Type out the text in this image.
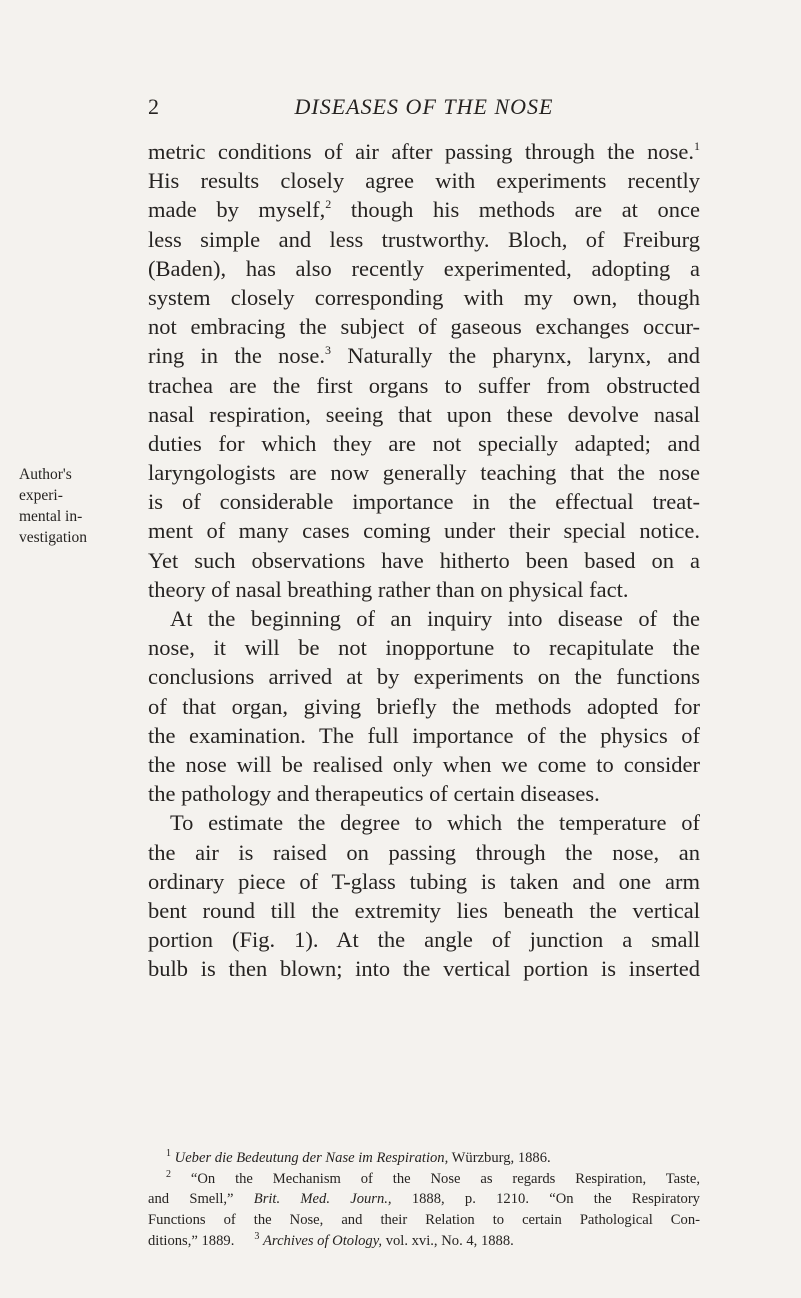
2	DISEASES OF THE NOSE
Author's
experi-
mental in-
vestigation
metric conditions of air after passing through the nose.$^1$
His results closely agree with experiments recently
made by myself,$^2$ though his methods are at once
less simple and less trustworthy. Bloch, of Freiburg
(Baden), has also recently experimented, adopting a
system closely corresponding with my own, though
not embracing the subject of gaseous exchanges occur-
ring in the nose.$^3$ Naturally the pharynx, larynx, and
trachea are the first organs to suffer from obstructed
nasal respiration, seeing that upon these devolve nasal
duties for which they are not specially adapted; and
laryngologists are now generally teaching that the nose
is of considerable importance in the effectual treat-
ment of many cases coming under their special notice.
Yet such observations have hitherto been based on a
theory of nasal breathing rather than on physical fact.
At the beginning of an inquiry into disease of the
nose, it will be not inopportune to recapitulate the
conclusions arrived at by experiments on the functions
of that organ, giving briefly the methods adopted for
the examination. The full importance of the physics of
the nose will be realised only when we come to consider
the pathology and therapeutics of certain diseases.
To estimate the degree to which the temperature of
the air is raised on passing through the nose, an
ordinary piece of T-glass tubing is taken and one arm
bent round till the extremity lies beneath the vertical
portion (Fig. 1). At the angle of junction a small
bulb is then blown; into the vertical portion is inserted
$^1$ Ueber die Bedeutung der Nase im Respiration, Würzburg, 1886.
$^2$ “On the Mechanism of the Nose as regards Respiration, Taste,
and Smell,” Brit. Med. Journ., 1888, p. 1210. “On the Respiratory
Functions of the Nose, and their Relation to certain Pathological Con-
ditions,” 1889. $^3$ Archives of Otology, vol. xvi., No. 4, 1888.
